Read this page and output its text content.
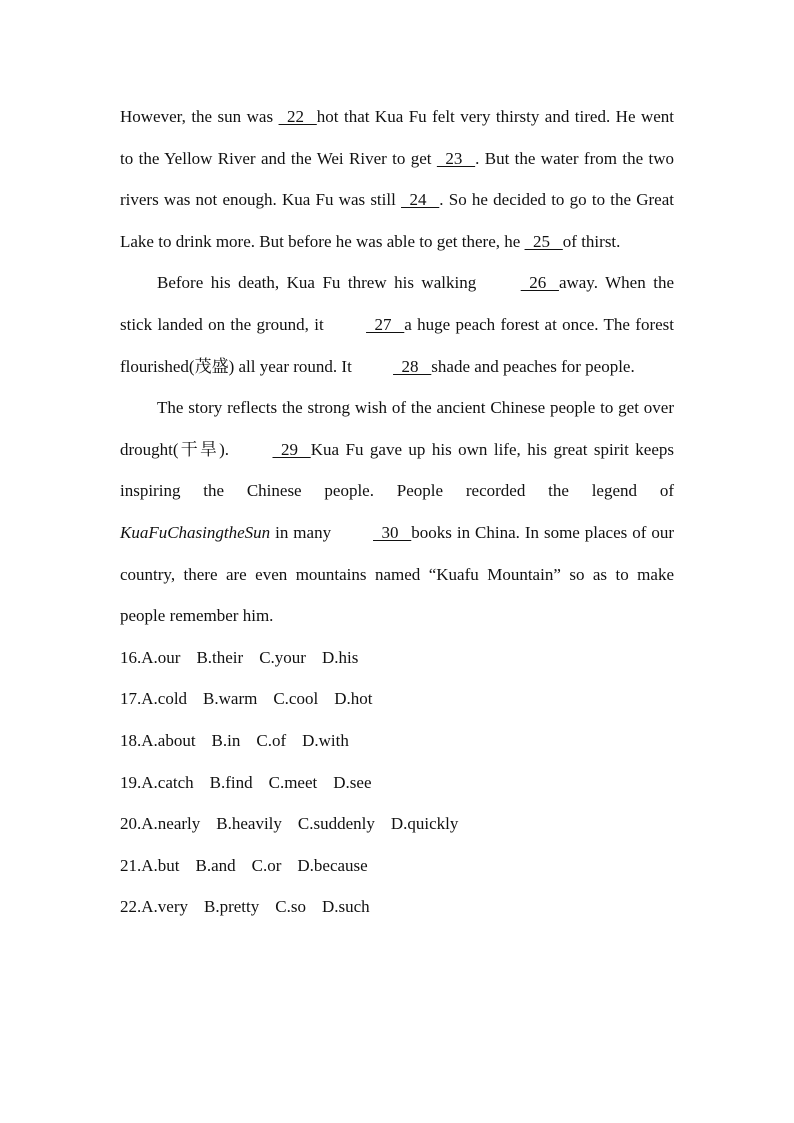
However, the sun was   22   hot that Kua Fu felt very thirsty and tired. He went to the Yellow River and the Wei River to get   23   . But the water from the two rivers was not enough. Kua Fu was still   24   . So he decided to go to the Great Lake to drink more. But before he was able to get there, he   25   of thirst.

Before his death, Kua Fu threw his walking   26   away. When the stick landed on the ground, it   27   a huge peach forest at once. The forest flourished(茂盛) all year round. It   28   shade and peaches for people.

The story reflects the strong wish of the ancient Chinese people to get over drought(干旱).   29   Kua Fu gave up his own life, his great spirit keeps inspiring the Chinese people. People recorded the legend of KuaFuChasingtheSun in many   30   books in China. In some places of our country, there are even mountains named “Kuafu Mountain” so as to make people remember him.

16.A.our B.their C.your D.his
17.A.cold B.warm C.cool D.hot
18.A.about B.in C.of D.with
19.A.catch B.find C.meet D.see
20.A.nearly B.heavily C.suddenly D.quickly
21.A.but B.and C.or D.because
22.A.very B.pretty C.so D.such
